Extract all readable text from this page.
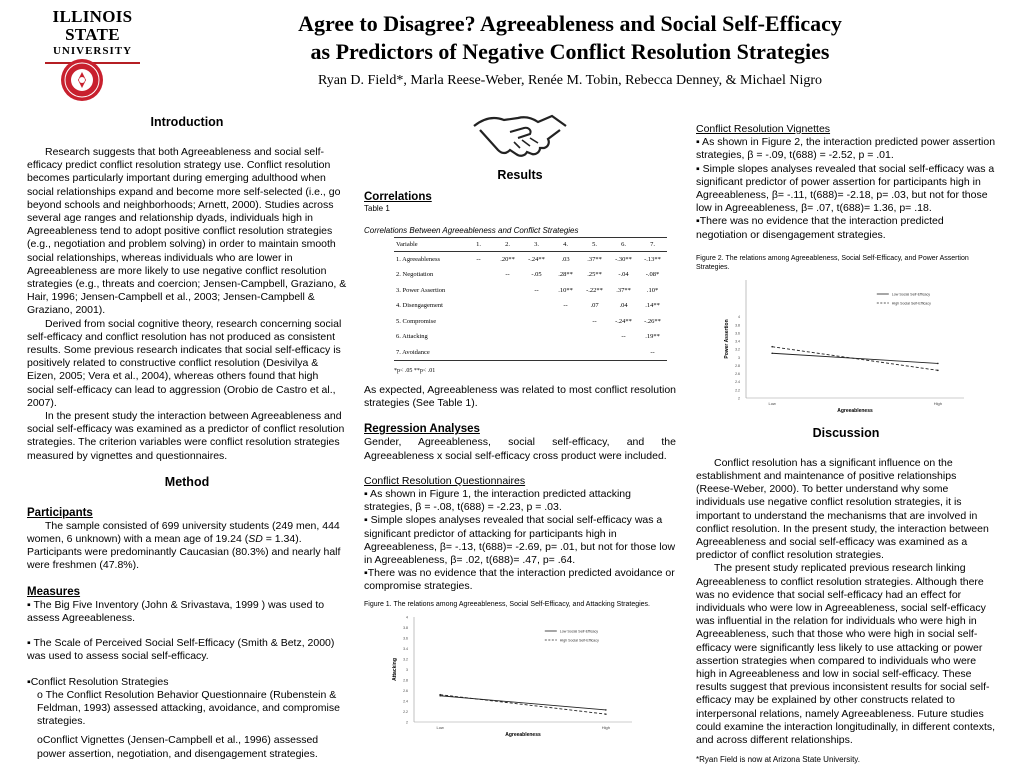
ILLINOIS STATE
UNIVERSITY
Agree to Disagree? Agreeableness and Social Self-Efficacy
as Predictors of Negative Conflict Resolution Strategies
Ryan D. Field*, Marla Reese-Weber, Renée M. Tobin, Rebecca Denney, & Michael Nigro
Introduction

Research suggests that both Agreeableness and social self-efficacy predict conflict resolution strategy use. Conflict resolution becomes particularly important during emerging adulthood when social relationships expand and become more self-selected (i.e., go beyond schools and neighborhoods; Arnett, 2000). Studies across several age ranges and relationship dyads, individuals high in Agreeableness tend to adopt positive conflict resolution strategies (e.g., negotiation and problem solving) in order to maintain smooth social relationships, whereas individuals who are lower in Agreeableness are more likely to use negative conflict resolution strategies (e.g., threats and coercion; Jensen-Campbell, Graziano, & Hair, 1996; Jensen-Campbell et al., 2003; Jensen-Campbell & Graziano, 2001).

Derived from social cognitive theory, research concerning social self-efficacy and conflict resolution has not produced as consistent results. Some previous research indicates that social self-efficacy is positively related to constructive conflict resolution (Desivilya & Eizen, 2005; Vera et al., 2004), whereas others found that high social self-efficacy can lead to aggression (Orobio de Castro et al., 2007).

In the present study the interaction between Agreeableness and social self-efficacy was examined as a predictor of conflict resolution strategies. The criterion variables were conflict resolution strategies measured by vignettes and questionnaires.

Method
Participants

The sample consisted of 699 university students (249 men, 444 women, 6 unknown) with a mean age of 19.24 (SD = 1.34). Participants were predominantly Caucasian (80.3%) and nearly half were freshmen (47.8%).

Measures

▪ The Big Five Inventory (John & Srivastava, 1999 ) was used to assess Agreeableness.

▪ The Scale of Perceived Social Self-Efficacy (Smith & Betz, 2000) was used to assess social self-efficacy.

▪Conflict Resolution Strategies

o The Conflict Resolution Behavior Questionnaire (Rubenstein & Feldman, 1993) assessed attacking, avoidance, and compromise strategies.

oConflict Vignettes (Jensen-Campbell et al., 1996) assessed power assertion, negotiation, and disengagement strategies.

Results
Correlations
Table 1
Correlations Between Agreeableness and Conflict Strategies
Variable	1.	2.	3.	4.	5.	6.	7.
1. Agreeableness	--	.20**	-.24**	.03	.37**	-.30**	-.13**
2. Negotiation		--	-.05	.28**	.25**	-.04	-.08*
3. Power Assertion			--	.10**	-.22**	.37**	.10*
4. Disengagement				--	.07	.04	.14**
5. Compromise					--	-.24**	-.26**
6. Attacking						--	.19**
7. Avoidance							--
*p< .05 **p< .01

As expected, Agreeableness was related to most conflict resolution strategies (See Table 1).

Regression Analyses

Gender, Agreeableness, social self-efficacy, and the Agreeableness x social self-efficacy cross product were included.

Conflict Resolution Questionnaires

▪ As shown in Figure 1, the interaction predicted attacking strategies, β = -.08, t(688) = -2.23, p = .03.

▪ Simple slopes analyses revealed that social self-efficacy was a significant predictor of attacking for participants high in Agreeableness, β= -.13, t(688)= -2.69, p= .01, but not for those low in Agreeableness, β= .02, t(688)= .47, p= .64.

▪There was no evidence that the interaction predicted avoidance or compromise strategies.

Figure 1. The relations among Agreeableness, Social Self-Efficacy, and Attacking Strategies.
2
2.2
2.4
2.6
2.8
3
3.2
3.4
3.6
3.8
4
Low	High
Agreeableness
Attacking
Low Social Self-Efficacy
High Social Self-Efficacy
Conflict Resolution Vignettes

▪ As shown in Figure 2, the interaction predicted power assertion strategies, β = -.09, t(688) = -2.52, p = .01.

▪ Simple slopes analyses revealed that social self-efficacy was a significant predictor of power assertion for participants high in Agreeableness, β= -.11, t(688)= -2.18, p= .03, but not for those low in Agreeableness, β= .07, t(688)= 1.36, p= .18.

▪There was no evidence that the interaction predicted negotiation or disengagement strategies.

Figure 2. The relations among Agreeableness, Social Self-Efficacy, and Power Assertion Strategies.
2
2.2
2.4
2.6
2.8
3
3.2
3.4
3.6
3.8
4
Low	High
Agreeableness
Power Assertion
Low Social Self-Efficacy
High Social Self-Efficacy
Discussion

Conflict resolution has a significant influence on the establishment and maintenance of positive relationships (Reese-Weber, 2000). To better understand why some individuals use negative conflict resolution strategies, it is important to understand the mechanisms that are involved in conflict resolution. In the present study, the interaction between Agreeableness and social self-efficacy was examined as a predictor of conflict resolution strategies.

The present study replicated previous research linking Agreeableness to conflict resolution strategies. Although there was no evidence that social self-efficacy had an effect for individuals who were low in Agreeableness, social self-efficacy was influential in the relation for individuals who were high in Agreeableness, such that those who were high in social self-efficacy were significantly less likely to use attacking or power assertion strategies when compared to individuals who were high in Agreeableness and low in social self-efficacy. These results suggest that previous inconsistent results for social self-efficacy may be explained by other constructs related to interpersonal relations, namely Agreeableness. Future studies could examine the interaction longitudinally, in different contexts, and across different relationships.

*Ryan Field is now at Arizona State University.
